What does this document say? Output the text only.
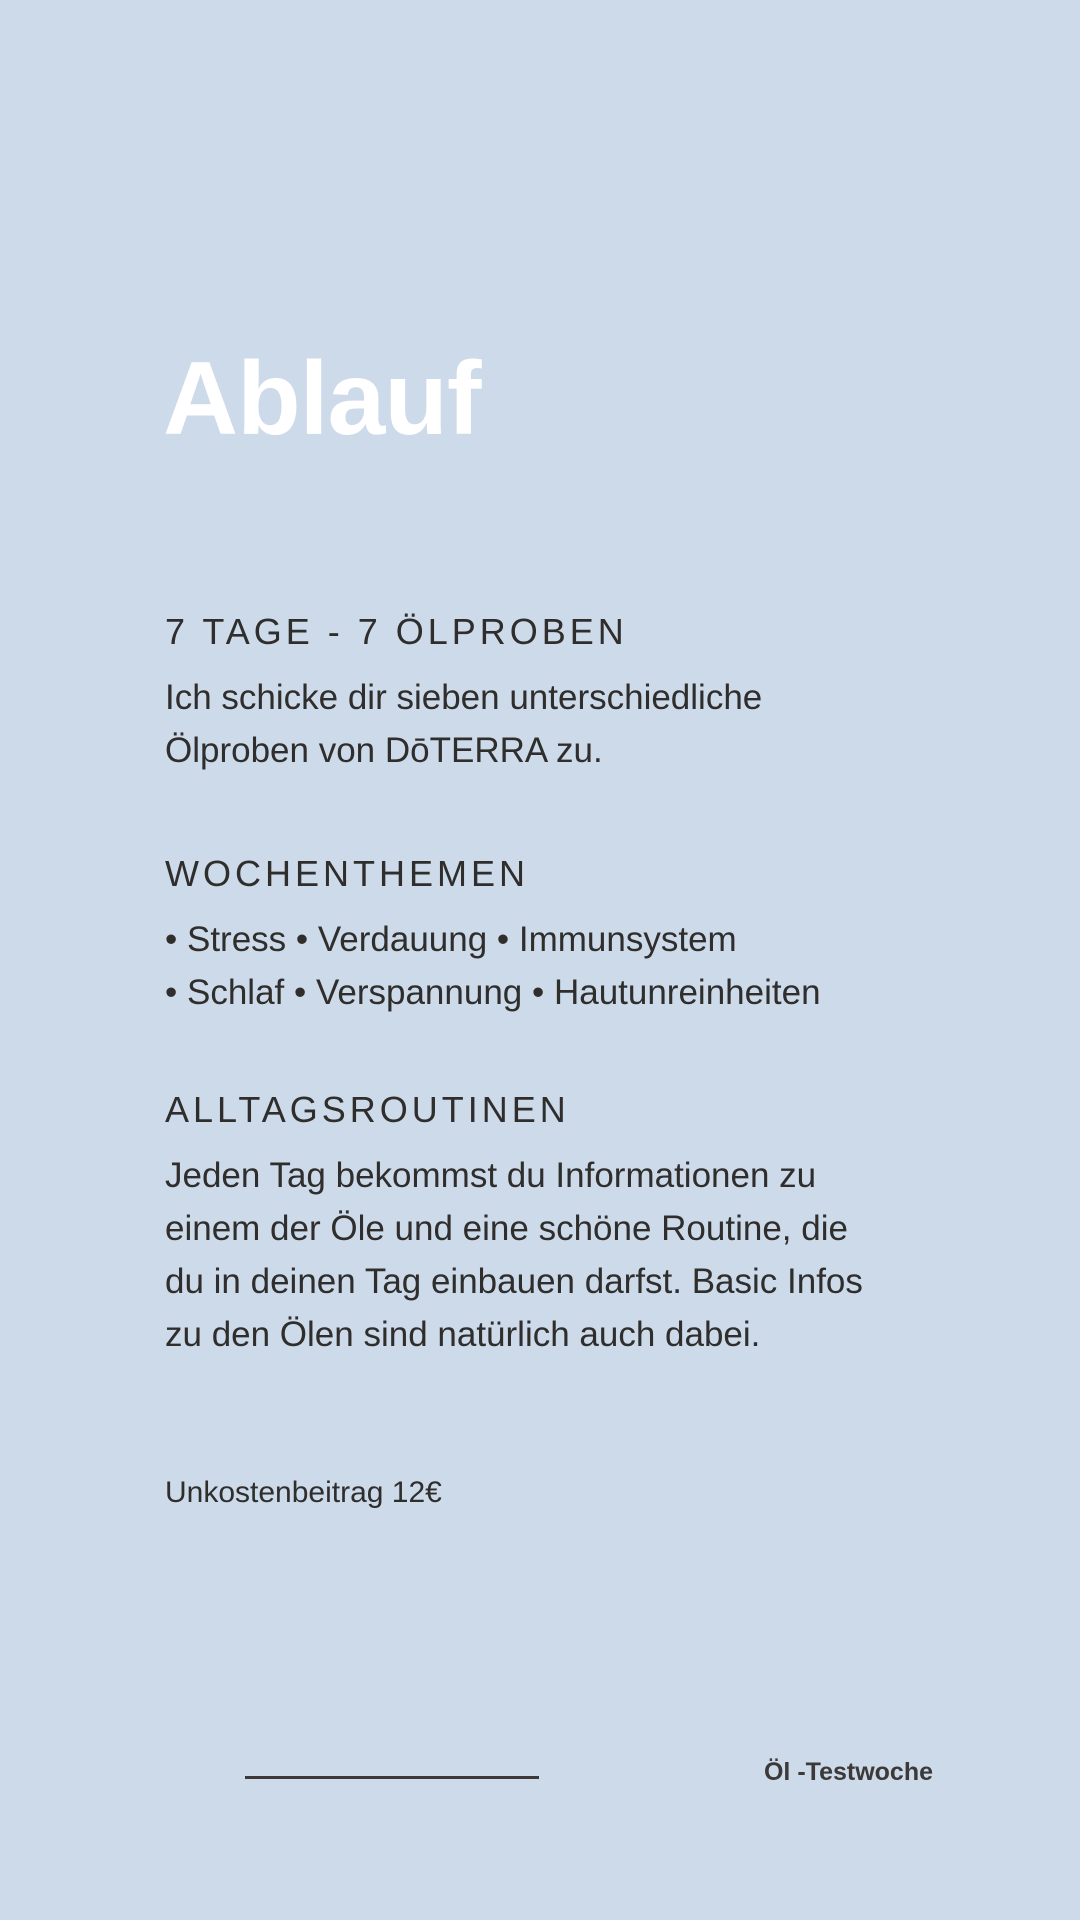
Ablauf
7 TAGE - 7 ÖLPROBEN

Ich schicke dir sieben unterschiedliche
Ölproben von DōTERRA zu.

WOCHENTHEMEN

• Stress • Verdauung • Immunsystem
• Schlaf • Verspannung • Hautunreinheiten

ALLTAGSROUTINEN

Jeden Tag bekommst du Informationen zu
einem der Öle und eine schöne Routine, die
du in deinen Tag einbauen darfst. Basic Infos
zu den Ölen sind natürlich auch dabei.

Unkostenbeitrag 12€
Öl -Testwoche
